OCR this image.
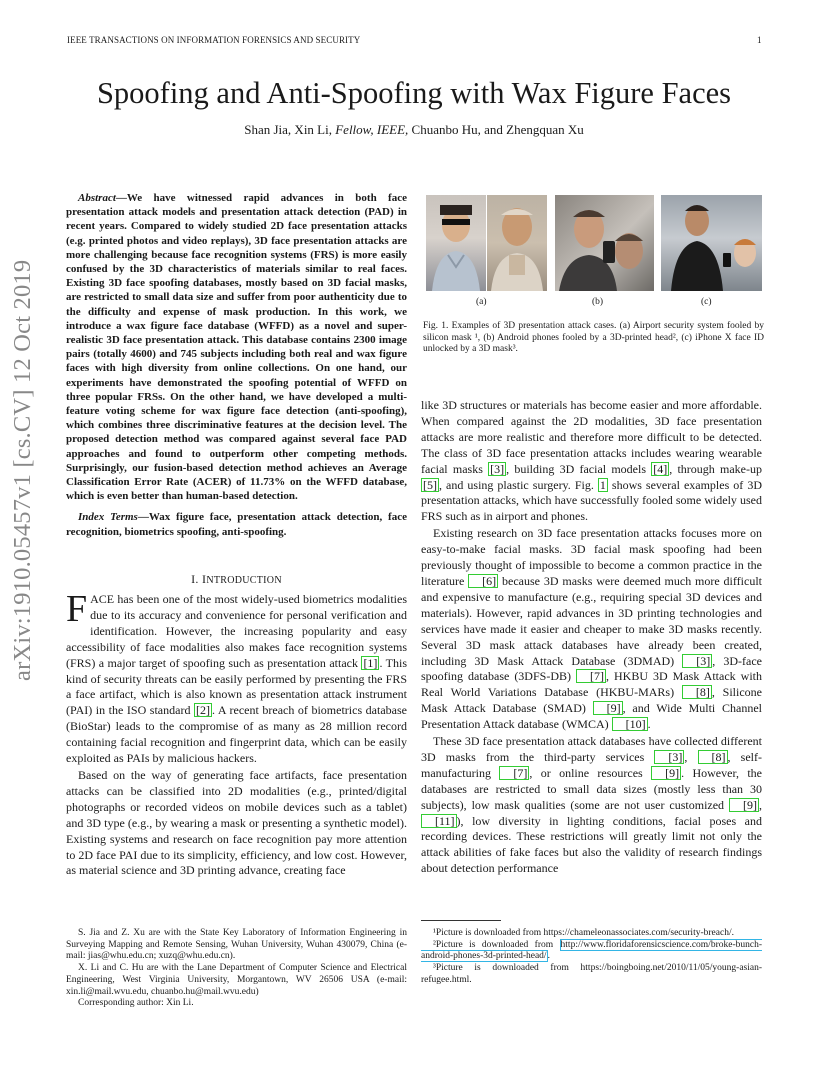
IEEE TRANSACTIONS ON INFORMATION FORENSICS AND SECURITY	1
Spoofing and Anti-Spoofing with Wax Figure Faces
Shan Jia, Xin Li, Fellow, IEEE, Chuanbo Hu, and Zhengquan Xu
arXiv:1910.05457v1 [cs.CV] 12 Oct 2019

Abstract—We have witnessed rapid advances in both face presentation attack models and presentation attack detection (PAD) in recent years. Compared to widely studied 2D face presentation attacks (e.g. printed photos and video replays), 3D face presentation attacks are more challenging because face recognition systems (FRS) is more easily confused by the 3D characteristics of materials similar to real faces. Existing 3D face spoofing databases, mostly based on 3D facial masks, are restricted to small data size and suffer from poor authenticity due to the difficulty and expense of mask production. In this work, we introduce a wax figure face database (WFFD) as a novel and super-realistic 3D face presentation attack. This database contains 2300 image pairs (totally 4600) and 745 subjects including both real and wax figure faces with high diversity from online collections. On one hand, our experiments have demonstrated the spoofing potential of WFFD on three popular FRSs. On the other hand, we have developed a multi-feature voting scheme for wax figure face detection (anti-spoofing), which combines three discriminative features at the decision level. The proposed detection method was compared against several face PAD approaches and found to outperform other competing methods. Surprisingly, our fusion-based detection method achieves an Average Classification Error Rate (ACER) of 11.73% on the WFFD database, which is even better than human-based detection.

Index Terms—Wax figure face, presentation attack detection, face recognition, biometrics spoofing, anti-spoofing.

I. INTRODUCTION

FACE has been one of the most widely-used biometrics modalities due to its accuracy and convenience for personal verification and identification. However, the increasing popularity and easy accessibility of face modalities also makes face recognition systems (FRS) a major target of spoofing such as presentation attack [1] . This kind of security threats can be easily performed by presenting the FRS a face artifact, which is also known as presentation attack instrument (PAI) in the ISO standard [2] . A recent breach of biometrics database (BioStar) leads to the compromise of as many as 28 million record containing facial recognition and fingerprint data, which can be easily exploited as PAIs by malicious hackers.

Based on the way of generating face artifacts, face presentation attacks can be classified into 2D modalities (e.g., printed/digital photographs or recorded videos on mobile devices such as a tablet) and 3D type (e.g., by wearing a mask or presenting a synthetic model). Existing systems and research on face recognition pay more attention to 2D face PAI due to its simplicity, efficiency, and low cost. However, as material science and 3D printing advance, creating face

S. Jia and Z. Xu are with the State Key Laboratory of Information Engineering in Surveying Mapping and Remote Sensing, Wuhan University, Wuhan 430079, China (e-mail: jias@whu.edu.cn; xuzq@whu.edu.cn).

X. Li and C. Hu are with the Lane Department of Computer Science and Electrical Engineering, West Virginia University, Morgantown, WV 26506 USA (e-mail: xin.li@mail.wvu.edu, chuanbo.hu@mail.wvu.edu)

Corresponding author: Xin Li.

(a)	(b)	(c)
Fig. 1. Examples of 3D presentation attack cases. (a) Airport security system fooled by silicon mask ¹, (b) Android phones fooled by a 3D-printed head², (c) iPhone X face ID unlocked by a 3D mask³.

like 3D structures or materials has become easier and more affordable. When compared against the 2D modalities, 3D face presentation attacks are more realistic and therefore more difficult to be detected. The class of 3D face presentation attacks includes wearing wearable facial masks [3] , building 3D facial models [4] , through make-up [5] , and using plastic surgery. Fig. 1 shows several examples of 3D presentation attacks, which have successfully fooled some widely used FRS such as in airport and phones.

Existing research on 3D face presentation attacks focuses more on easy-to-make facial masks. 3D facial mask spoofing had been previously thought of impossible to become a common practice in the literature [6] because 3D masks were deemed much more difficult and expensive to manufacture (e.g., requiring special 3D devices and materials). However, rapid advances in 3D printing technologies and services have made it easier and cheaper to make 3D masks recently. Several 3D mask attack databases have already been created, including 3D Mask Attack Database (3DMAD) [3] , 3D-face spoofing database (3DFS-DB) [7] , HKBU 3D Mask Attack with Real World Variations Database (HKBU-MARs) [8] , Silicone Mask Attack Database (SMAD) [9] , and Wide Multi Channel Presentation Attack database (WMCA) [10] .

These 3D face presentation attack databases have collected different 3D masks from the third-party services [3] , [8] , self-manufacturing [7] , or online resources [9] . However, the databases are restricted to small data sizes (mostly less than 30 subjects), low mask qualities (some are not user customized [9] , [11] ), low diversity in lighting conditions, facial poses and recording devices. These restrictions will greatly limit not only the attack abilities of fake faces but also the validity of research findings about detection performance

¹Picture is downloaded from https://chameleonassociates.com/security-breach/.

²Picture is downloaded from http://www.floridaforensicscience.com/broke-bunch-android-phones-3d-printed-head/.

³Picture is downloaded from https://boingboing.net/2010/11/05/young-asian-refugee.html.
